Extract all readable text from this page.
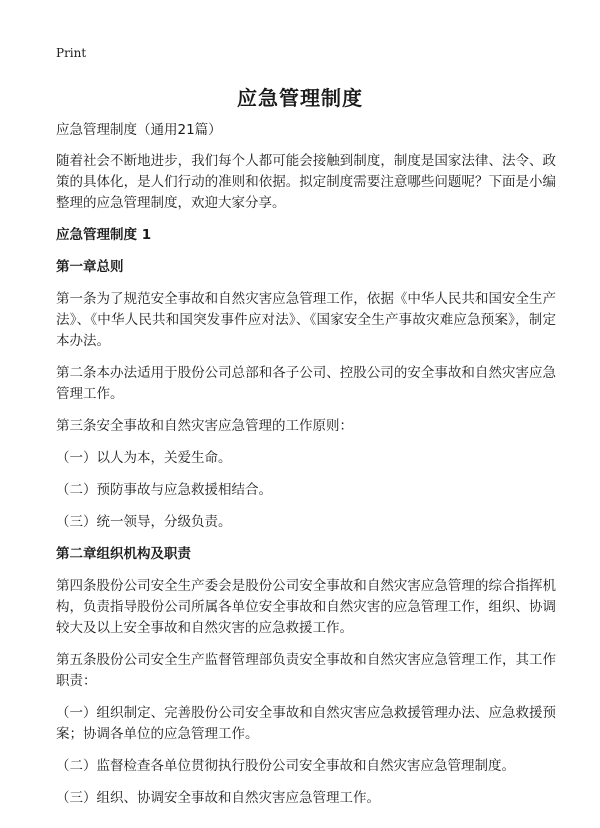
Print
应急管理制度

应急管理制度（通用21篇）

随着社会不断地进步，我们每个人都可能会接触到制度，制度是国家法律、法令、政策的具体化，是人们行动的准则和依据。拟定制度需要注意哪些问题呢？下面是小编整理的应急管理制度，欢迎大家分享。

应急管理制度 1

第一章总则

第一条为了规范安全事故和自然灾害应急管理工作，依据《中华人民共和国安全生产法》、《中华人民共和国突发事件应对法》、《国家安全生产事故灾难应急预案》，制定本办法。

第二条本办法适用于股份公司总部和各子公司、控股公司的安全事故和自然灾害应急管理工作。

第三条安全事故和自然灾害应急管理的工作原则：

（一）以人为本，关爱生命。

（二）预防事故与应急救援相结合。

（三）统一领导，分级负责。

第二章组织机构及职责

第四条股份公司安全生产委会是股份公司安全事故和自然灾害应急管理的综合指挥机构，负责指导股份公司所属各单位安全事故和自然灾害的应急管理工作，组织、协调较大及以上安全事故和自然灾害的应急救援工作。

第五条股份公司安全生产监督管理部负责安全事故和自然灾害应急管理工作，其工作职责：

（一）组织制定、完善股份公司安全事故和自然灾害应急救援管理办法、应急救援预案；协调各单位的应急管理工作。

（二）监督检查各单位贯彻执行股份公司安全事故和自然灾害应急管理制度。

（三）组织、协调安全事故和自然灾害应急管理工作。
